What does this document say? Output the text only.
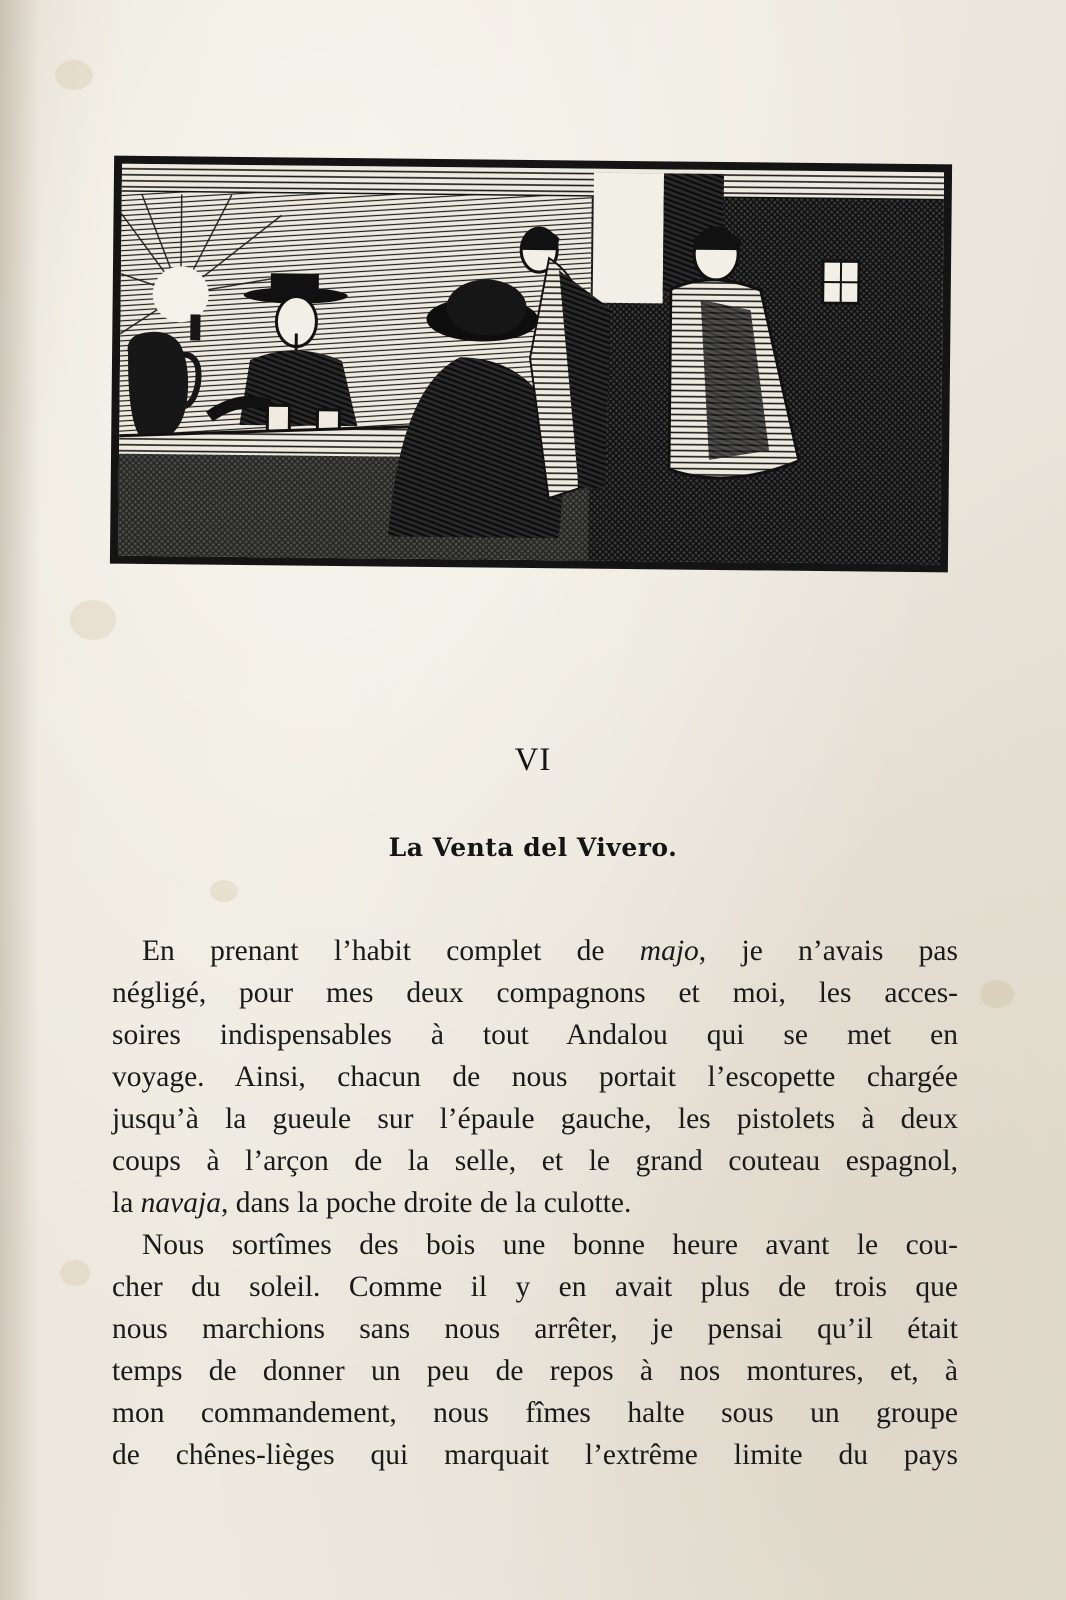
VI
La Venta del Vivero.
En prenant l’habit complet de majo, je n’avais pas
négligé, pour mes deux compagnons et moi, les acces-
soires indispensables à tout Andalou qui se met en
voyage. Ainsi, chacun de nous portait l’escopette chargée
jusqu’à la gueule sur l’épaule gauche, les pistolets à deux
coups à l’arçon de la selle, et le grand couteau espagnol,
la navaja, dans la poche droite de la culotte.
Nous sortîmes des bois une bonne heure avant le cou-
cher du soleil. Comme il y en avait plus de trois que
nous marchions sans nous arrêter, je pensai qu’il était
temps de donner un peu de repos à nos montures, et, à
mon commandement, nous fîmes halte sous un groupe
de chênes-lièges qui marquait l’extrême limite du pays
